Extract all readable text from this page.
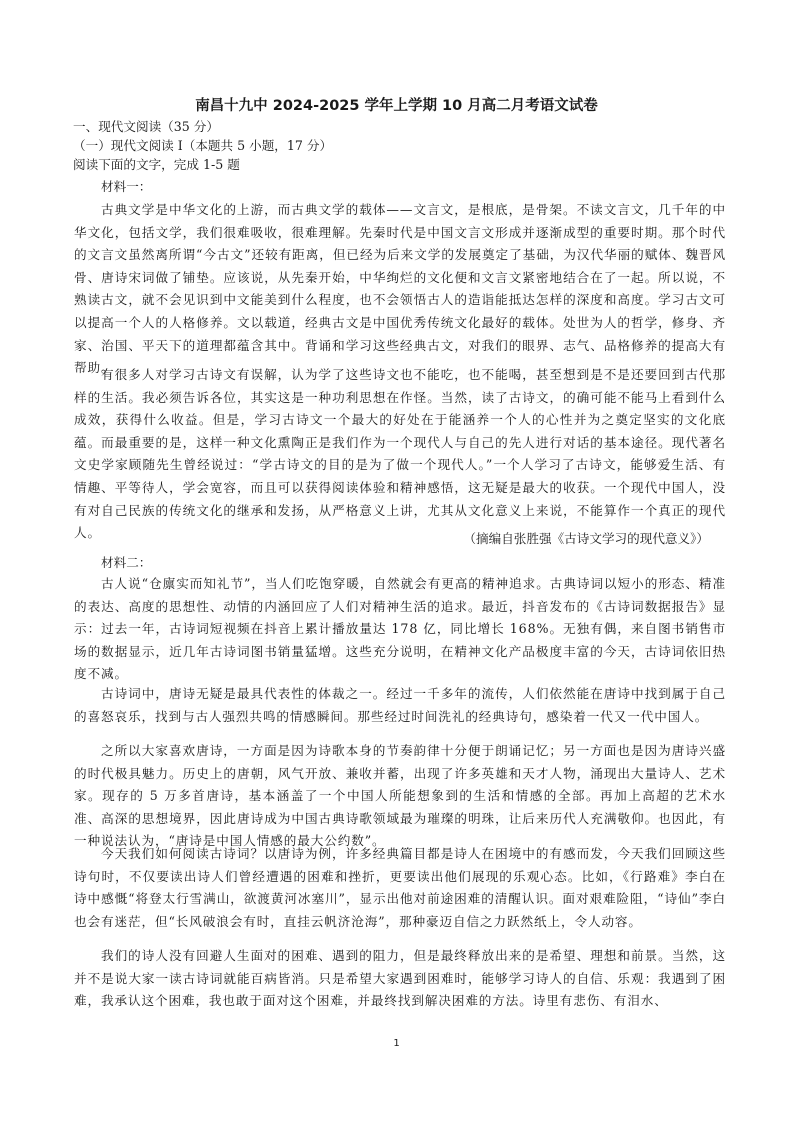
南昌十九中 2024-2025 学年上学期 10 月高二月考语文试卷
一、现代文阅读（35 分）
（一）现代文阅读 I（本题共 5 小题，17 分）
阅读下面的文字，完成 1-5 题
材料一：
古典文学是中华文化的上游，而古典文学的载体——文言文，是根底，是骨架。不读文言文，几千年的中华文化，包括文学，我们很难吸收，很难理解。先秦时代是中国文言文形成并逐渐成型的重要时期。那个时代的文言文虽然离所谓“今古文”还较有距离，但已经为后来文学的发展奠定了基础，为汉代华丽的赋体、魏晋风骨、唐诗宋词做了铺垫。应该说，从先秦开始，中华绚烂的文化便和文言文紧密地结合在了一起。所以说，不熟读古文，就不会见识到中文能美到什么程度，也不会领悟古人的造诣能抵达怎样的深度和高度。学习古文可以提高一个人的人格修养。文以载道，经典古文是中国优秀传统文化最好的载体。处世为人的哲学，修身、齐家、治国、平天下的道理都蕴含其中。背诵和学习这些经典古文，对我们的眼界、志气、品格修养的提高大有帮助。
有很多人对学习古诗文有误解，认为学了这些诗文也不能吃，也不能喝，甚至想到是不是还要回到古代那样的生活。我必须告诉各位，其实这是一种功利思想在作怪。当然，读了古诗文，的确可能不能马上看到什么成效，获得什么收益。但是，学习古诗文一个最大的好处在于能涵养一个人的心性并为之奠定坚实的文化底蕴。而最重要的是，这样一种文化熏陶正是我们作为一个现代人与自己的先人进行对话的基本途径。现代著名文史学家顾随先生曾经说过：“学古诗文的目的是为了做一个现代人。”一个人学习了古诗文，能够爱生活、有情趣、平等待人，学会宽容，而且可以获得阅读体验和精神感悟，这无疑是最大的收获。一个现代中国人，没有对自己民族的传统文化的继承和发扬，从严格意义上讲，尤其从文化意义上来说，不能算作一个真正的现代人。	（摘编自张胜强《古诗文学习的现代意义》）
材料二：
古人说“仓廪实而知礼节”，当人们吃饱穿暖，自然就会有更高的精神追求。古典诗词以短小的形态、精准的表达、高度的思想性、动情的内涵回应了人们对精神生活的追求。最近，抖音发布的《古诗词数据报告》显示：过去一年，古诗词短视频在抖音上累计播放量达 178 亿，同比增长 168%。无独有偶，来自图书销售市场的数据显示，近几年古诗词图书销量猛增。这些充分说明，在精神文化产品极度丰富的今天，古诗词依旧热度不减。
古诗词中，唐诗无疑是最具代表性的体裁之一。经过一千多年的流传，人们依然能在唐诗中找到属于自己的喜怒哀乐，找到与古人强烈共鸣的情感瞬间。那些经过时间洗礼的经典诗句，感染着一代又一代中国人。
之所以大家喜欢唐诗，一方面是因为诗歌本身的节奏韵律十分便于朗诵记忆；另一方面也是因为唐诗兴盛的时代极具魅力。历史上的唐朝，风气开放、兼收并蓄，出现了许多英雄和天才人物，涌现出大量诗人、艺术家。现存的 5 万多首唐诗，基本涵盖了一个中国人所能想象到的生活和情感的全部。再加上高超的艺术水准、高深的思想境界，因此唐诗成为中国古典诗歌领域最为璀璨的明珠，让后来历代人充满敬仰。也因此，有一种说法认为，“唐诗是中国人情感的最大公约数”。
今天我们如何阅读古诗词？以唐诗为例，许多经典篇目都是诗人在困境中的有感而发，今天我们回顾这些诗句时，不仅要读出诗人们曾经遭遇的困难和挫折，更要读出他们展现的乐观心态。比如，《行路难》李白在诗中感慨“将登太行雪满山，欲渡黄河冰塞川”，显示出他对前途困难的清醒认识。面对艰难险阻，“诗仙”李白也会有迷茫，但“长风破浪会有时，直挂云帆济沧海”，那种豪迈自信之力跃然纸上，令人动容。
我们的诗人没有回避人生面对的困难、遇到的阻力，但是最终释放出来的是希望、理想和前景。当然，这并不是说大家一读古诗词就能百病皆消。只是希望大家遇到困难时，能够学习诗人的自信、乐观：我遇到了困难，我承认这个困难，我也敢于面对这个困难，并最终找到解决困难的方法。诗里有悲伤、有泪水、
1
